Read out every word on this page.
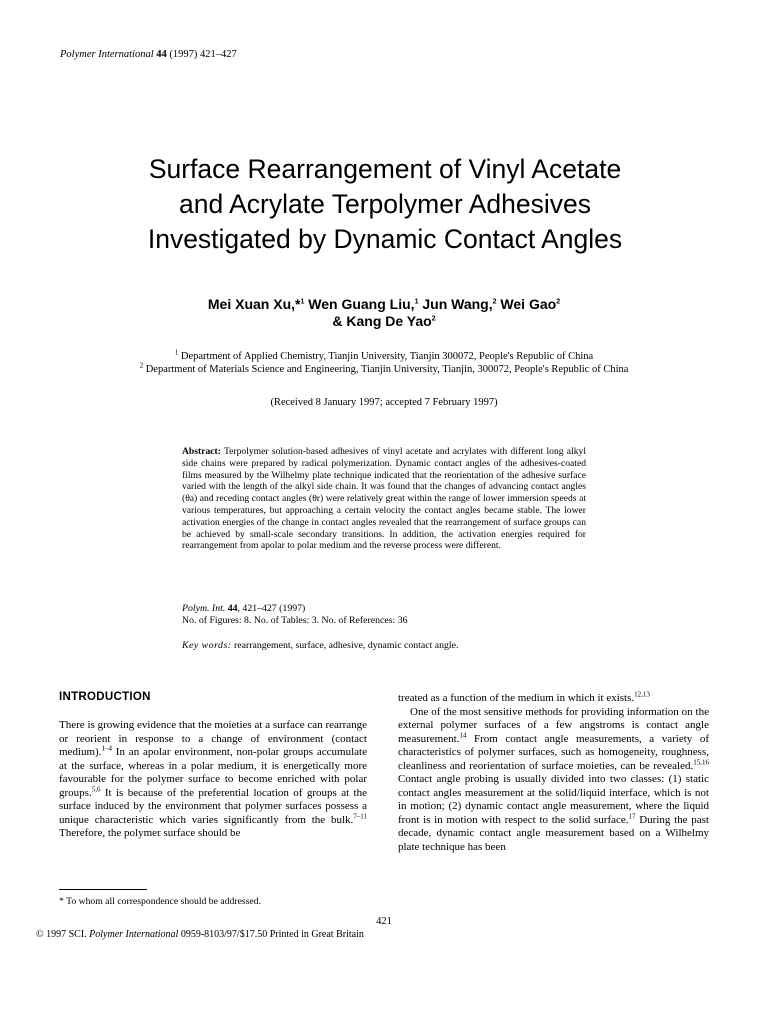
Polymer International 44 (1997) 421–427
Surface Rearrangement of Vinyl Acetate
and Acrylate Terpolymer Adhesives
Investigated by Dynamic Contact Angles
Mei Xuan Xu,*$^1$ Wen Guang Liu,$^1$ Jun Wang,$^2$ Wei Gao$^2$
& Kang De Yao$^2$
$^1$ Department of Applied Chemistry, Tianjin University, Tianjin 300072, People's Republic of China
$^2$ Department of Materials Science and Engineering, Tianjin University, Tianjin, 300072, People's Republic of China
(Received 8 January 1997; accepted 7 February 1997)
Abstract: Terpolymer solution-based adhesives of vinyl acetate and acrylates with different long alkyl side chains were prepared by radical polymerization. Dynamic contact angles of the adhesives-coated films measured by the Wilhelmy plate technique indicated that the reorientation of the adhesive surface varied with the length of the alkyl side chain. It was found that the changes of advancing contact angles (θa) and receding contact angles (θr) were relatively great within the range of lower immersion speeds at various temperatures, but approaching a certain velocity the contact angles became stable. The lower activation energies of the change in contact angles revealed that the rearrangement of surface groups can be achieved by small-scale secondary transitions. In addition, the activation energies required for rearrangement from apolar to polar medium and the reverse process were different.
Polym. Int. 44, 421–427 (1997)
No. of Figures: 8. No. of Tables: 3. No. of References: 36
Key words: rearrangement, surface, adhesive, dynamic contact angle.
INTRODUCTION

There is growing evidence that the moieties at a surface can rearrange or reorient in response to a change of environment (contact medium).$^{1-4}$ In an apolar environment, non-polar groups accumulate at the surface, whereas in a polar medium, it is energetically more favourable for the polymer surface to become enriched with polar groups.$^{5,6}$ It is because of the preferential location of groups at the surface induced by the environment that polymer surfaces possess a unique characteristic which varies significantly from the bulk.$^{7-11}$ Therefore, the polymer surface should be

treated as a function of the medium in which it exists.$^{12,13}$

One of the most sensitive methods for providing information on the external polymer surfaces of a few angstroms is contact angle measurement.$^{14}$ From contact angle measurements, a variety of characteristics of polymer surfaces, such as homogeneity, roughness, cleanliness and reorientation of surface moieties, can be revealed.$^{15,16}$ Contact angle probing is usually divided into two classes: (1) static contact angles measurement at the solid/liquid interface, which is not in motion; (2) dynamic contact angle measurement, where the liquid front is in motion with respect to the solid surface.$^{17}$ During the past decade, dynamic contact angle measurement based on a Wilhelmy plate technique has been

* To whom all correspondence should be addressed.
421
© 1997 SCI. Polymer International 0959-8103/97/$17.50 Printed in Great Britain
